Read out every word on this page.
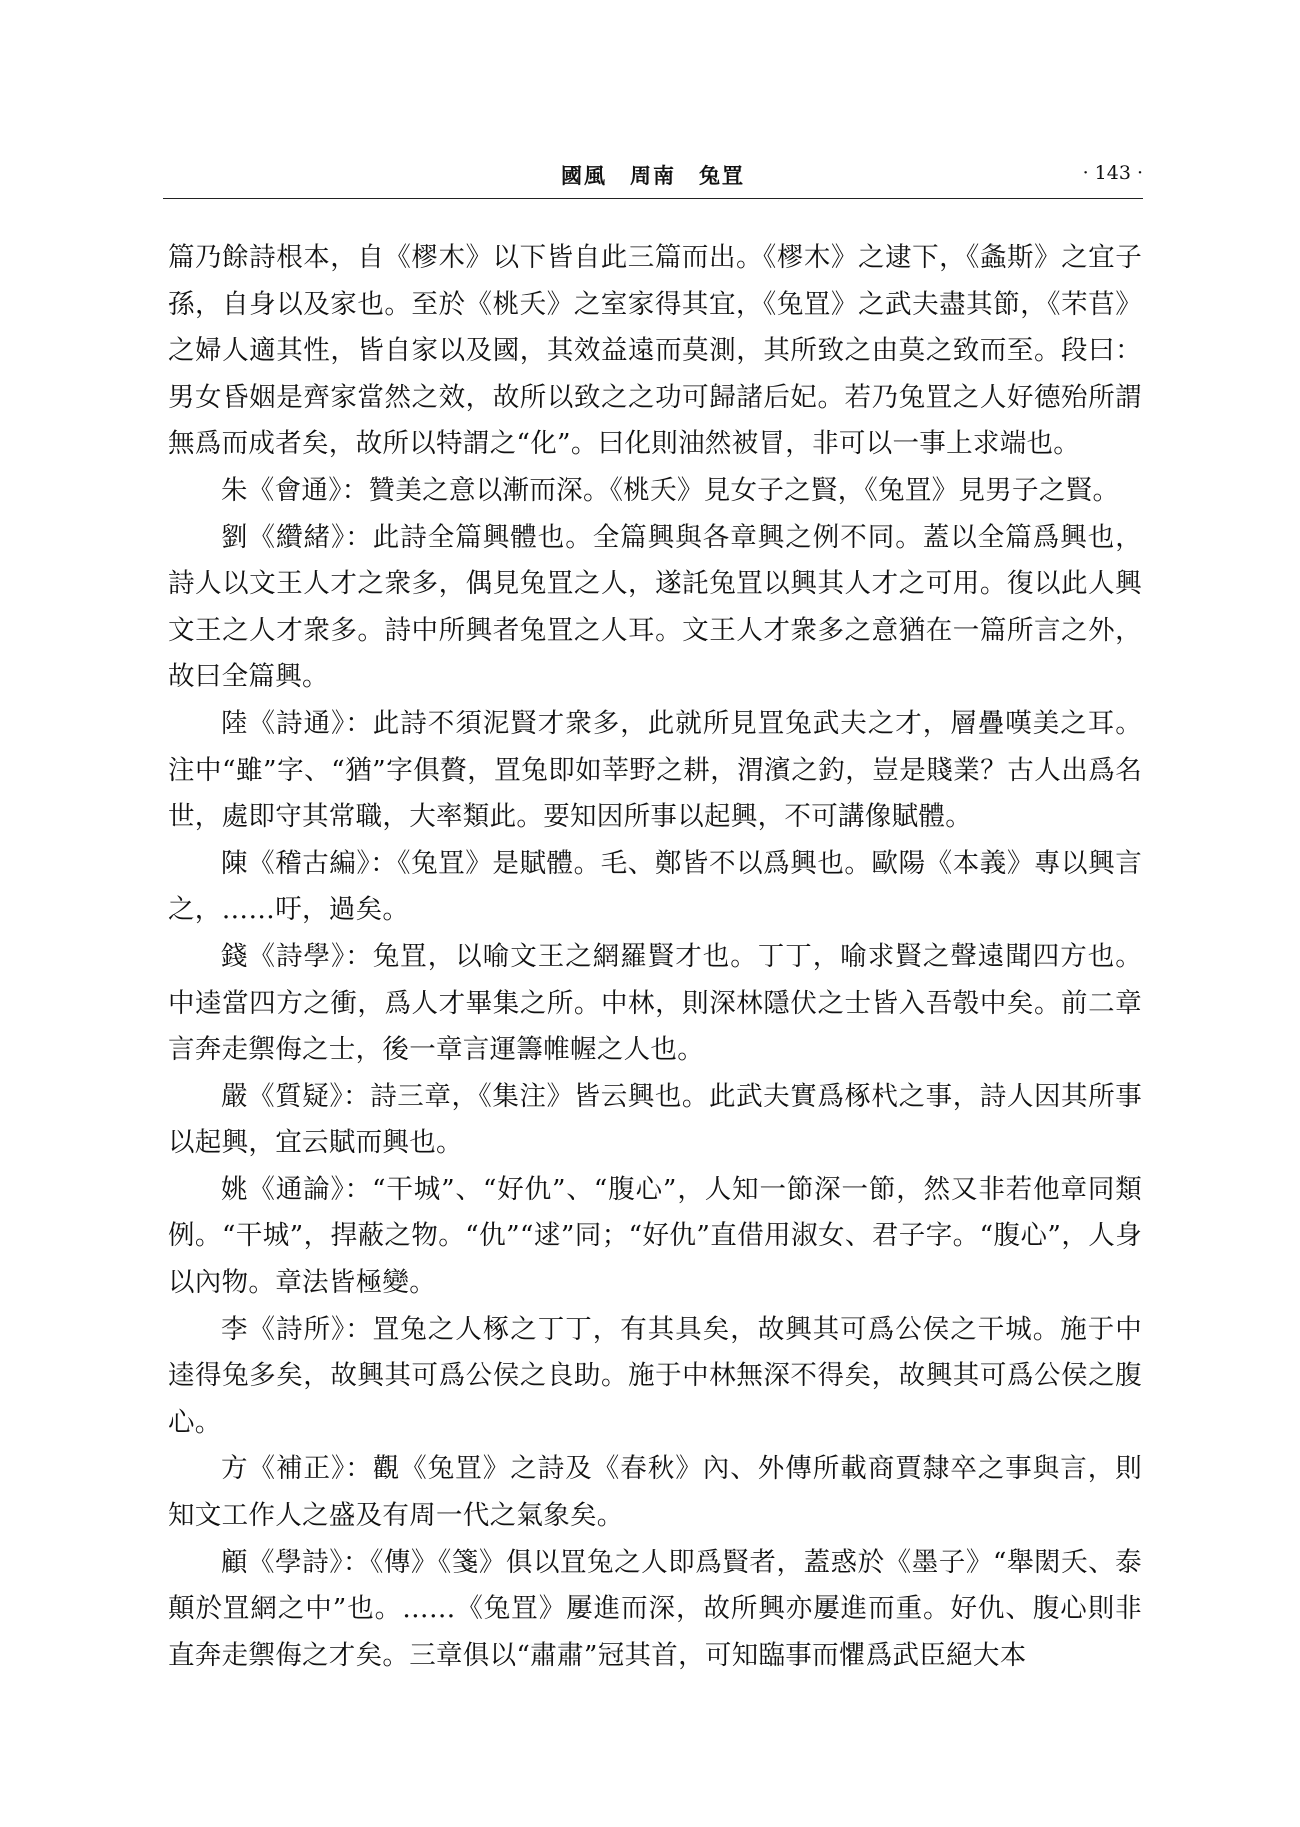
國風　周南　兔罝	· 143 ·

篇乃餘詩根本，自《樛木》以下皆自此三篇而出。《樛木》之逮下，《螽斯》之宜子孫，自身以及家也。至於《桃夭》之室家得其宜，《兔罝》之武夫盡其節，《芣苢》之婦人適其性，皆自家以及國，其效益遠而莫測，其所致之由莫之致而至。段曰：男女昏姻是齊家當然之效，故所以致之之功可歸諸后妃。若乃兔罝之人好德殆所謂無爲而成者矣，故所以特謂之“化”。曰化則油然被冒，非可以一事上求端也。

朱《會通》：贊美之意以漸而深。《桃夭》見女子之賢，《兔罝》見男子之賢。

劉《纘緒》：此詩全篇興體也。全篇興與各章興之例不同。蓋以全篇爲興也，詩人以文王人才之衆多，偶見兔罝之人，遂託兔罝以興其人才之可用。復以此人興文王之人才衆多。詩中所興者兔罝之人耳。文王人才衆多之意猶在一篇所言之外，故曰全篇興。

陸《詩通》：此詩不須泥賢才衆多，此就所見罝兔武夫之才，層疊嘆美之耳。注中“雖”字、“猶”字俱贅，罝兔即如莘野之耕，渭濱之釣，豈是賤業？古人出爲名世，處即守其常職，大率類此。要知因所事以起興，不可講像賦體。

陳《稽古編》：《兔罝》是賦體。毛、鄭皆不以爲興也。歐陽《本義》專以興言之，……吁，過矣。

錢《詩學》：兔罝，以喻文王之網羅賢才也。丁丁，喻求賢之聲遠聞四方也。中逵當四方之衝，爲人才畢集之所。中林，則深林隱伏之士皆入吾彀中矣。前二章言奔走禦侮之士，後一章言運籌帷幄之人也。

嚴《質疑》：詩三章，《集注》皆云興也。此武夫實爲椓杙之事，詩人因其所事以起興，宜云賦而興也。

姚《通論》：“干城”、“好仇”、“腹心”，人知一節深一節，然又非若他章同類例。“干城”，捍蔽之物。“仇”“逑”同；“好仇”直借用淑女、君子字。“腹心”，人身以內物。章法皆極變。

李《詩所》：罝兔之人椓之丁丁，有其具矣，故興其可爲公侯之干城。施于中逵得兔多矣，故興其可爲公侯之良助。施于中林無深不得矣，故興其可爲公侯之腹心。

方《補正》：觀《兔罝》之詩及《春秋》內、外傳所載商賈隸卒之事與言，則知文工作人之盛及有周一代之氣象矣。

顧《學詩》：《傳》《箋》俱以罝兔之人即爲賢者，蓋惑於《墨子》“舉閎夭、泰顛於罝網之中”也。……《兔罝》屢進而深，故所興亦屢進而重。好仇、腹心則非直奔走禦侮之才矣。三章俱以“肅肅”冠其首，可知臨事而懼爲武臣絕大本
